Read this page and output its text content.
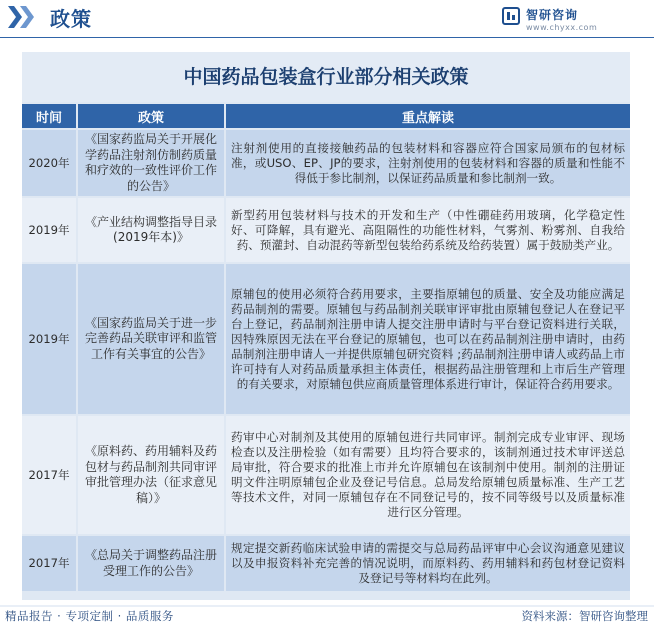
政策	智研咨询
www.chyxx.com
中国药品包装盒行业部分相关政策
时间	政策	重点解读
2020年	《国家药监局关于开展化学药品注射剂仿制药质量和疗效的一致性评价工作的公告》	注射剂使用的直接接触药品的包装材料和容器应符合国家局颁布的包材标准，或USO、EP、JP的要求，注射剂使用的包装材料和容器的质量和性能不得低于参比制剂，以保证药品质量和参比制剂一致。
2019年	《产业结构调整指导目录(2019年本)》	新型药用包装材料与技术的开发和生产（中性硼硅药用玻璃，化学稳定性好、可降解，具有避光、高阻隔性的功能性材料，气雾剂、粉雾剂、自我给药、预灌封、自动混药等新型包装给药系统及给药装置）属于鼓励类产业。
2019年	《国家药监局关于进一步完善药品关联审评和监管工作有关事宜的公告》	原辅包的使用必须符合药用要求，主要指原辅包的质量、安全及功能应满足药品制剂的需要。原辅包与药品制剂关联审评审批由原辅包登记人在登记平台上登记，药品制剂注册申请人提交注册申请时与平台登记资料进行关联，因特殊原因无法在平台登记的原辅包，也可以在药品制剂注册申请时，由药品制剂注册申请人一并提供原辅包研究资料 ;药品制剂注册申请人或药品上市许可持有人对药品质量承担主体责任，根据药品注册管理和上市后生产管理的有关要求，对原辅包供应商质量管理体系进行审计，保证符合药用要求。
2017年	《原料药、药用辅料及药包材与药品制剂共同审评审批管理办法（征求意见稿）》	药审中心对制剂及其使用的原辅包进行共同审评。制剂完成专业审评、现场检查以及注册检验（如有需要）且均符合要求的，该制剂通过技术审评送总局审批，符合要求的批准上市并允许原辅包在该制剂中使用。制剂的注册证明文件注明原辅包企业及登记号信息。总局发给原辅包质量标准、生产工艺等技术文件，对同一原辅包存在不同登记号的，按不同等级号以及质量标准进行区分管理。
2017年	《总局关于调整药品注册受理工作的公告》	规定提交新药临床试验申请的需提交与总局药品评审中心会议沟通意见建议以及申报资料补充完善的情况说明，而原料药、药用辅料和药包材登记资料及登记号等材料均在此列。
精品报告 · 专项定制 · 品质服务	资料来源：智研咨询整理
